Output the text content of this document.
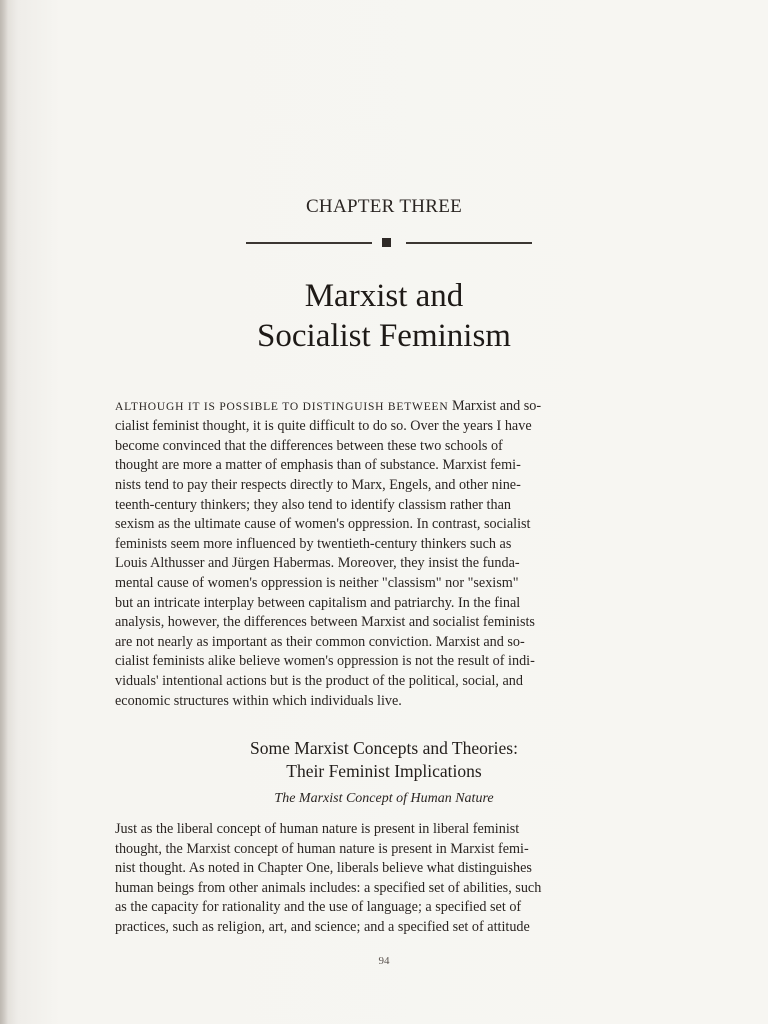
CHAPTER THREE
Marxist and
Socialist Feminism
ALTHOUGH IT IS POSSIBLE TO DISTINGUISH BETWEEN Marxist and so-
cialist feminist thought, it is quite difficult to do so. Over the years I have
become convinced that the differences between these two schools of
thought are more a matter of emphasis than of substance. Marxist femi-
nists tend to pay their respects directly to Marx, Engels, and other nine-
teenth-century thinkers; they also tend to identify classism rather than
sexism as the ultimate cause of women's oppression. In contrast, socialist
feminists seem more influenced by twentieth-century thinkers such as
Louis Althusser and Jürgen Habermas. Moreover, they insist the funda-
mental cause of women's oppression is neither "classism" nor "sexism"
but an intricate interplay between capitalism and patriarchy. In the final
analysis, however, the differences between Marxist and socialist feminists
are not nearly as important as their common conviction. Marxist and so-
cialist feminists alike believe women's oppression is not the result of indi-
viduals' intentional actions but is the product of the political, social, and
economic structures within which individuals live.
Some Marxist Concepts and Theories:
Their Feminist Implications
The Marxist Concept of Human Nature
Just as the liberal concept of human nature is present in liberal feminist
thought, the Marxist concept of human nature is present in Marxist femi-
nist thought. As noted in Chapter One, liberals believe what distinguishes
human beings from other animals includes: a specified set of abilities, such
as the capacity for rationality and the use of language; a specified set of
practices, such as religion, art, and science; and a specified set of attitude
94
